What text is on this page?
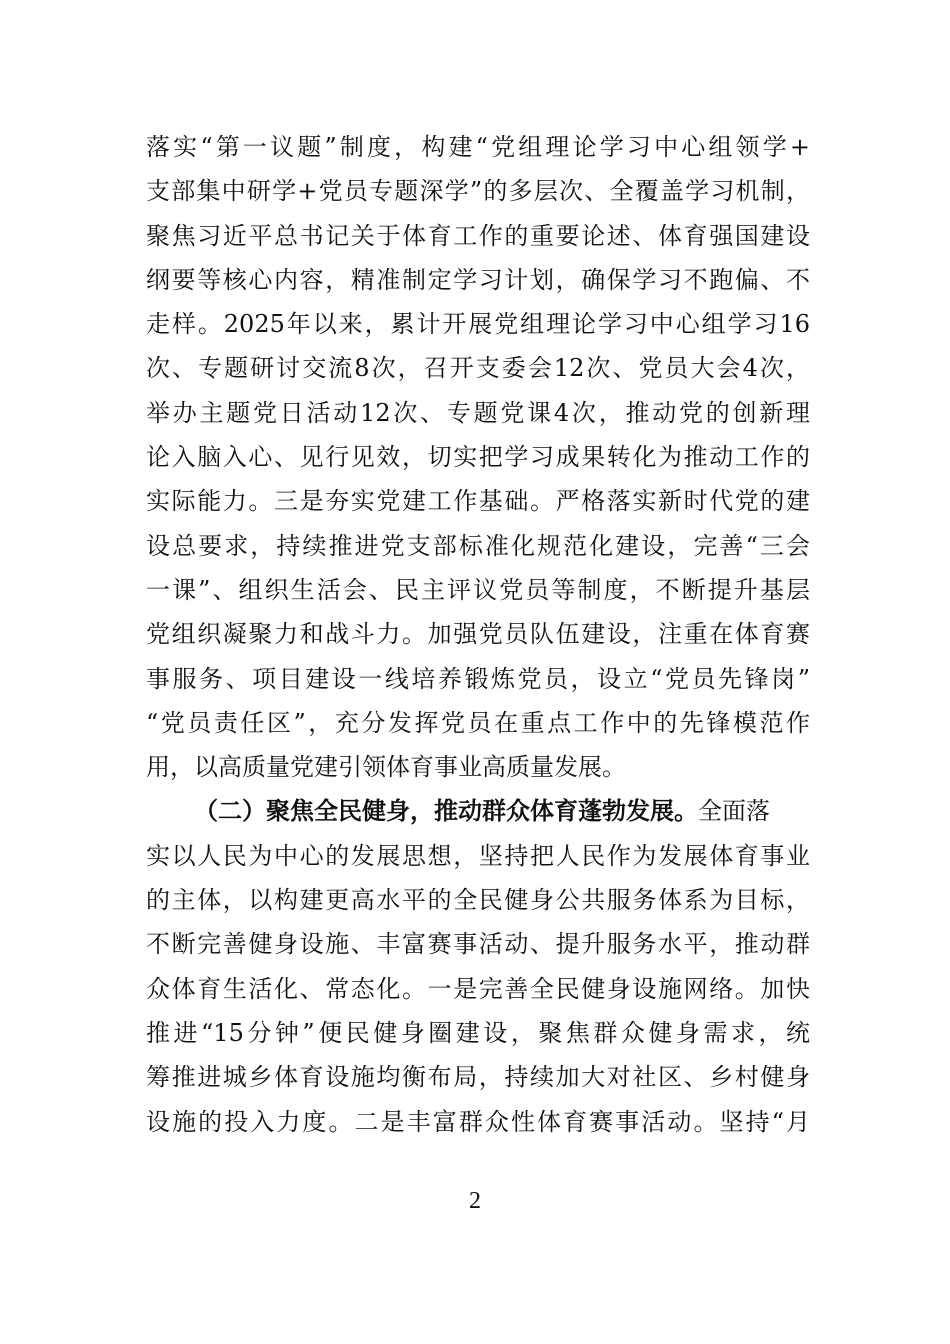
落实“第一议题”制度，构建“党组理论学习中心组领学+
支部集中研学+党员专题深学”的多层次、全覆盖学习机制，
聚焦习近平总书记关于体育工作的重要论述、体育强国建设
纲要等核心内容，精准制定学习计划，确保学习不跑偏、不
走样。2025年以来，累计开展党组理论学习中心组学习16
次、专题研讨交流8次，召开支委会12次、党员大会4次，
举办主题党日活动12次、专题党课4次，推动党的创新理
论入脑入心、见行见效，切实把学习成果转化为推动工作的
实际能力。三是夯实党建工作基础。严格落实新时代党的建
设总要求，持续推进党支部标准化规范化建设，完善“三会
一课”、组织生活会、民主评议党员等制度，不断提升基层
党组织凝聚力和战斗力。加强党员队伍建设，注重在体育赛
事服务、项目建设一线培养锻炼党员，设立“党员先锋岗”
“党员责任区”，充分发挥党员在重点工作中的先锋模范作
用，以高质量党建引领体育事业高质量发展。
（二）聚焦全民健身，推动群众体育蓬勃发展。全面落
实以人民为中心的发展思想，坚持把人民作为发展体育事业
的主体，以构建更高水平的全民健身公共服务体系为目标，
不断完善健身设施、丰富赛事活动、提升服务水平，推动群
众体育生活化、常态化。一是完善全民健身设施网络。加快
推进“15分钟”便民健身圈建设，聚焦群众健身需求，统
筹推进城乡体育设施均衡布局，持续加大对社区、乡村健身
设施的投入力度。二是丰富群众性体育赛事活动。坚持“月
2
